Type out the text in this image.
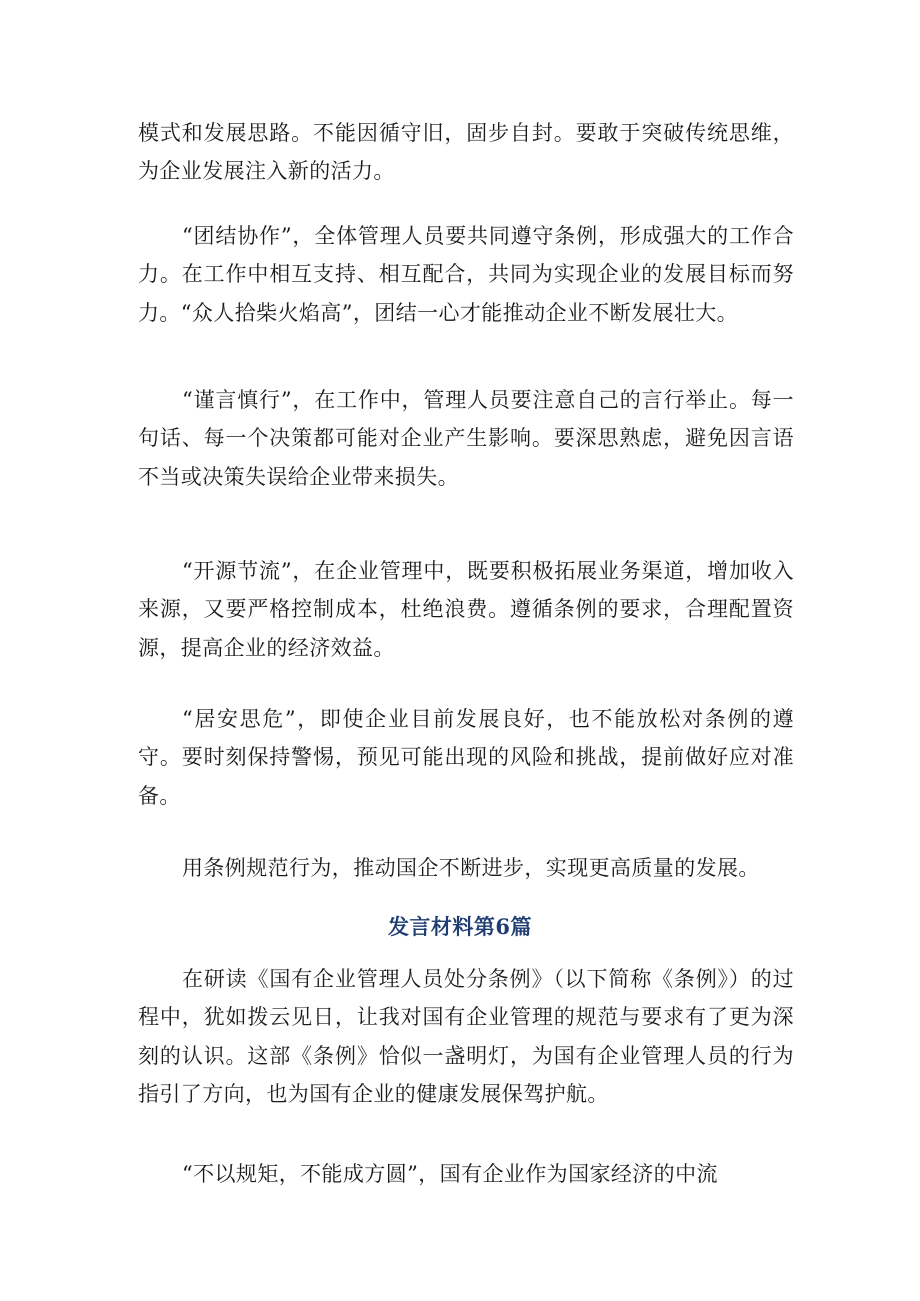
模式和发展思路。不能因循守旧，固步自封。要敢于突破传统思维，为企业发展注入新的活力。

“团结协作”，全体管理人员要共同遵守条例，形成强大的工作合力。在工作中相互支持、相互配合，共同为实现企业的发展目标而努力。“众人拾柴火焰高”，团结一心才能推动企业不断发展壮大。

“谨言慎行”，在工作中，管理人员要注意自己的言行举止。每一句话、每一个决策都可能对企业产生影响。要深思熟虑，避免因言语不当或决策失误给企业带来损失。

“开源节流”，在企业管理中，既要积极拓展业务渠道，增加收入来源，又要严格控制成本，杜绝浪费。遵循条例的要求，合理配置资源，提高企业的经济效益。

“居安思危”，即使企业目前发展良好，也不能放松对条例的遵守。要时刻保持警惕，预见可能出现的风险和挑战，提前做好应对准备。

用条例规范行为，推动国企不断进步，实现更高质量的发展。

发言材料第6篇

在研读《国有企业管理人员处分条例》（以下简称《条例》）的过程中，犹如拨云见日，让我对国有企业管理的规范与要求有了更为深刻的认识。这部《条例》恰似一盏明灯，为国有企业管理人员的行为指引了方向，也为国有企业的健康发展保驾护航。

“不以规矩，不能成方圆”，国有企业作为国家经济的中流
